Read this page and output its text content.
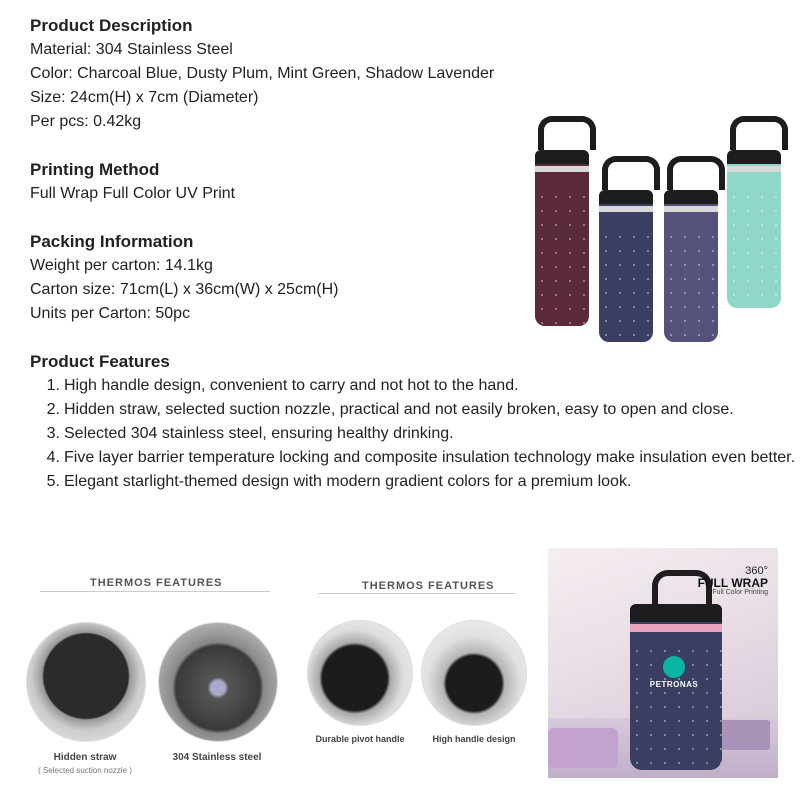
Product Description

Material: 304 Stainless Steel

Color: Charcoal Blue, Dusty Plum, Mint Green, Shadow Lavender

Size: 24cm(H) x 7cm (Diameter)

Per pcs: 0.42kg

Printing Method

Full Wrap Full Color UV Print

Packing Information

Weight per carton: 14.1kg

Carton size: 71cm(L) x 36cm(W) x 25cm(H)

Units per Carton: 50pc

Product Features
1. High handle design, convenient to carry and not hot to the hand.
2. Hidden straw, selected suction nozzle, practical and not easily broken, easy to open and close.
3. Selected 304 stainless steel, ensuring healthy drinking.
4. Five layer barrier temperature locking and composite insulation technology make insulation even better.
5. Elegant starlight-themed design with modern gradient colors for a premium look.
THERMOS FEATURES
Hidden straw
( Selected suction nozzle )
304 Stainless steel
THERMOS FEATURES
Durable pivot handle	High handle design
PETRONAS
360°
FULL WRAP
Full Color Printing
